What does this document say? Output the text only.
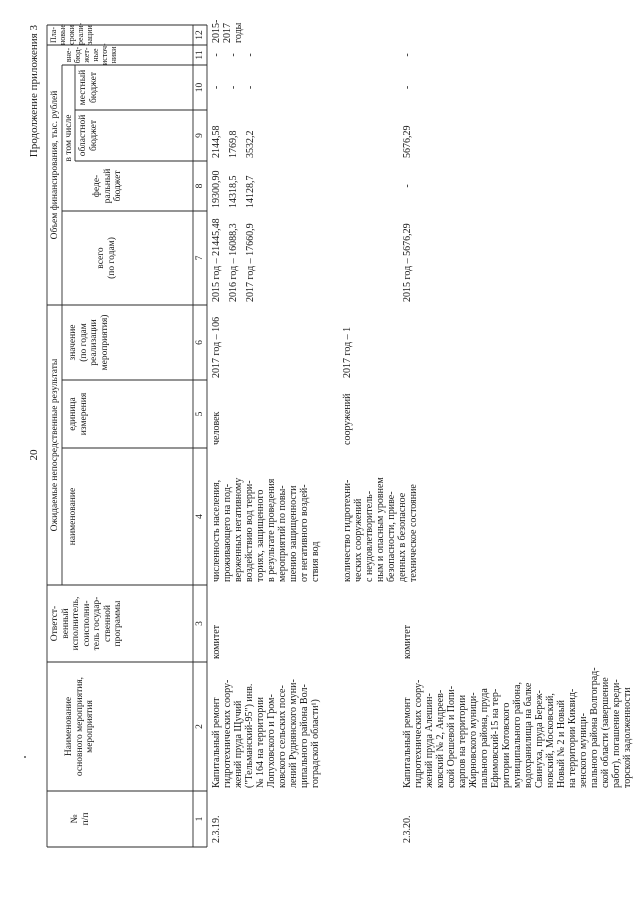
Продолжение приложения 3
20
№
п/п
Наименование
основного мероприятия,
мероприятия
Ответст-
венный
исполнитель,
соисполни-
тель государ-
ственной
программы
Ожидаемые непосредственные результаты наименование
единица
измерения
значение
(по годам
реализации
мероприятия)
Объем финансирования, тыс. рублей
всего
(по годам)
в том числе
феде-
ральный
бюджет
областной
бюджет
местный
бюджет
вне-
бюд-
жет-
ные
источ-
ники
1
2
3
4
5
6
7
8
9
10
11
12
2.3.19.
Капитальный ремонт
гидротехнических соору-
жений пруда Щучий
("Тельманский-95") инв.
№ 164 на территории
Лопуховского и Гром-
ковского сельских посе-
лений Руднянского муни-
ципального района Вол-
гоградской области¹)
комитет
численность населения,
проживающего на под-
верженных негативному
воздействию вод терри-
ториях, защищенного
в результате проведения
мероприятий по повы-
шению защищенности
от негативного воздей-
ствия вод
человек
2017 год – 106
количество гидротехни-
ческих сооружений
с неудовлетворитель-
ным и опасным уровнем
безопасности, приве-
денных в безопасное
техническое состояние
сооружений
2017 год – 1
2015 год – 21445,48 2016 год – 16088,3 2017 год – 17660,9
19300,90 14318,5 14128,7
2144,58 1769,8 3532,2
- - -
- - -
2015-
2017
годы
2.3.20.
Капитальный ремонт
гидротехнических соору-
жений пруда Алешин-
ковский № 2, Андреев-
ской Орешевой и Попи-
карпов на территории
Жирновского муници-
пального района, пруда
Ефимовский-15 на тер-
ритории Котовского
муниципального района,
водохранилища на балке
Свинуха, пруда Береж-
новский, Московский,
Новый № 2 и Новый
на территории Киквид-
зенского муници-
пального района Волгоград-
ской области (завершение
работ), погашение креди-
торской задолженности
комитет
2015 год – 5676,29
-
5676,29
-
-
Пла-
новые
сроки
реали-
зации
